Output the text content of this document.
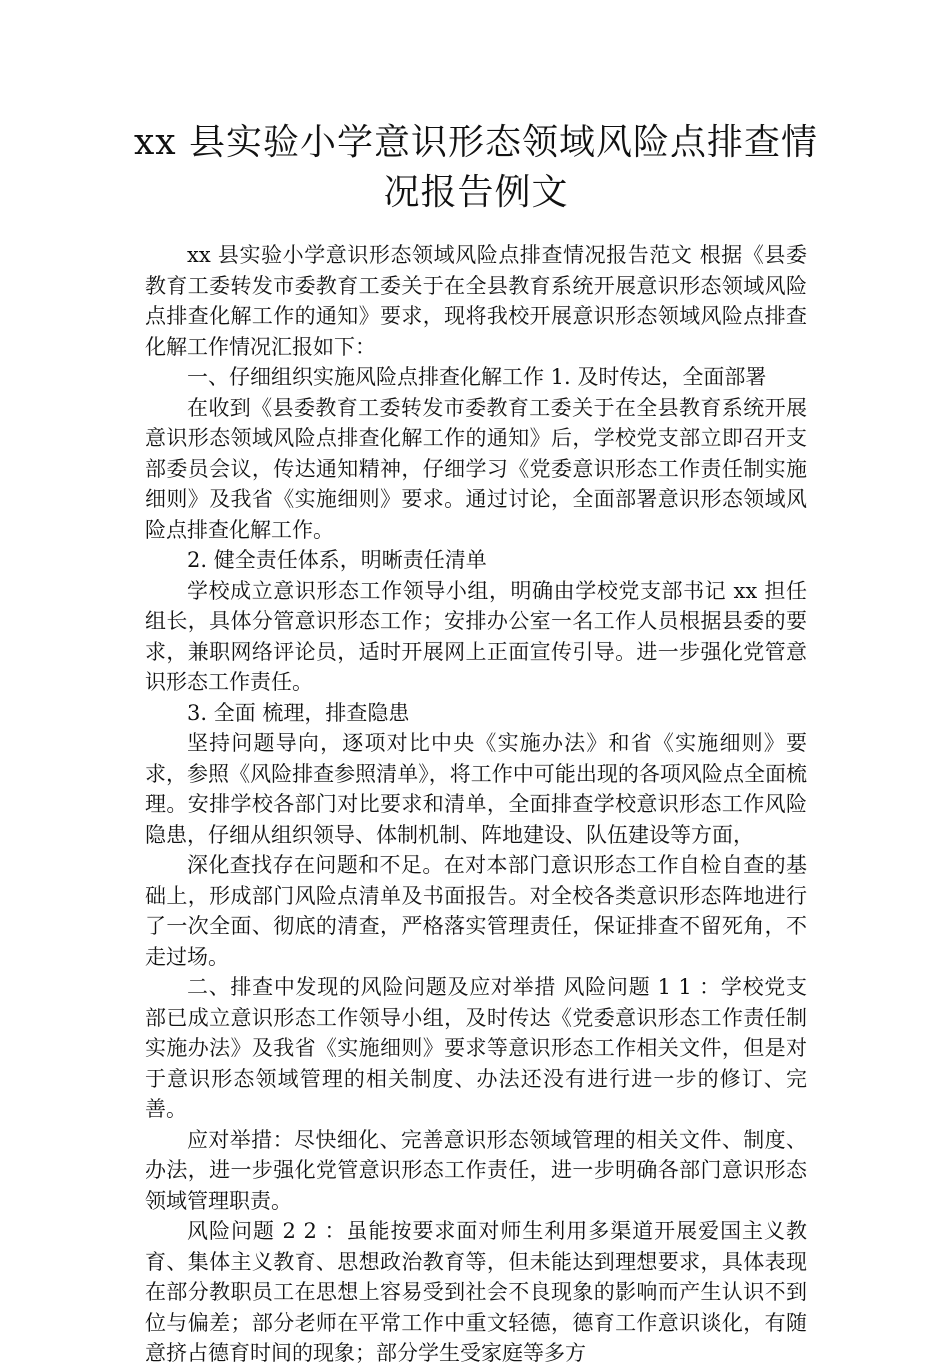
xx 县实验小学意识形态领域风险点排查情况报告例文

xx 县实验小学意识形态领域风险点排查情况报告范文 根据《县委教育工委转发市委教育工委关于在全县教育系统开展意识形态领域风险点排查化解工作的通知》要求，现将我校开展意识形态领域风险点排查化解工作情况汇报如下：

一、仔细组织实施风险点排查化解工作 1. 及时传达，全面部署

在收到《县委教育工委转发市委教育工委关于在全县教育系统开展意识形态领域风险点排查化解工作的通知》后，学校党支部立即召开支部委员会议，传达通知精神，仔细学习《党委意识形态工作责任制实施细则》及我省《实施细则》要求。通过讨论，全面部署意识形态领域风险点排查化解工作。

2. 健全责任体系，明晰责任清单

学校成立意识形态工作领导小组，明确由学校党支部书记 xx 担任组长，具体分管意识形态工作；安排办公室一名工作人员根据县委的要求，兼职网络评论员，适时开展网上正面宣传引导。进一步强化党管意识形态工作责任。

3. 全面 梳理，排查隐患

坚持问题导向，逐项对比中央《实施办法》和省《实施细则》要求，参照《风险排查参照清单》，将工作中可能出现的各项风险点全面梳理。安排学校各部门对比要求和清单，全面排查学校意识形态工作风险隐患，仔细从组织领导、体制机制、阵地建设、队伍建设等方面，

深化查找存在问题和不足。在对本部门意识形态工作自检自查的基础上，形成部门风险点清单及书面报告。对全校各类意识形态阵地进行了一次全面、彻底的清查，严格落实管理责任，保证排查不留死角，不走过场。

二、排查中发现的风险问题及应对举措 风险问题 1 1 ：学校党支部已成立意识形态工作领导小组，及时传达《党委意识形态工作责任制实施办法》及我省《实施细则》要求等意识形态工作相关文件，但是对于意识形态领域管理的相关制度、办法还没有进行进一步的修订、完善。

应对举措：尽快细化、完善意识形态领域管理的相关文件、制度、办法，进一步强化党管意识形态工作责任，进一步明确各部门意识形态领域管理职责。

风险问题 2 2 ：虽能按要求面对师生利用多渠道开展爱国主义教育、集体主义教育、思想政治教育等，但未能达到理想要求，具体表现在部分教职员工在思想上容易受到社会不良现象的影响而产生认识不到位与偏差；部分老师在平常工作中重文轻德，德育工作意识谈化，有随意挤占德育时间的现象；部分学生受家庭等多方
